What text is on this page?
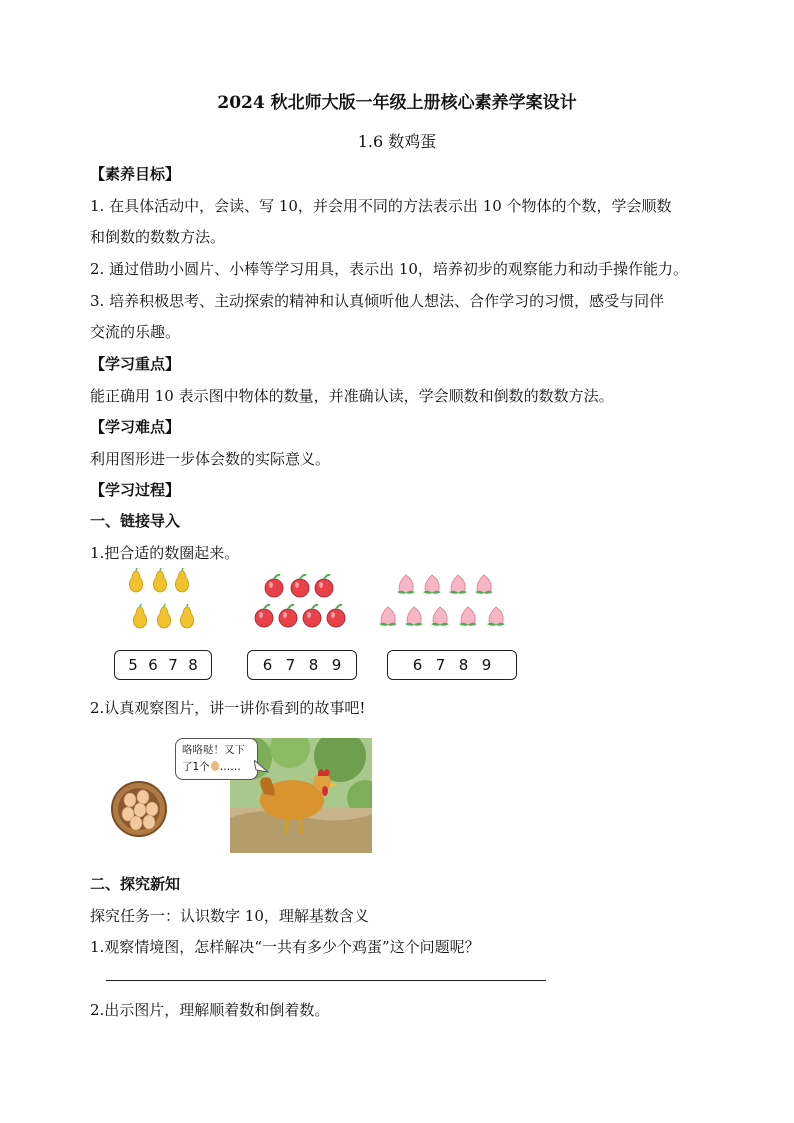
2024 秋北师大版一年级上册核心素养学案设计
1.6 数鸡蛋
【素养目标】
1. 在具体活动中，会读、写 10，并会用不同的方法表示出 10 个物体的个数，学会顺数
和倒数的数数方法。
2. 通过借助小圆片、小棒等学习用具，表示出 10，培养初步的观察能力和动手操作能力。
3. 培养积极思考、主动探索的精神和认真倾听他人想法、合作学习的习惯，感受与同伴
交流的乐趣。
【学习重点】
能正确用 10 表示图中物体的数量，并准确认读，学会顺数和倒数的数数方法。
【学习难点】
利用图形进一步体会数的实际意义。
【学习过程】
一、链接导入
1.把合适的数圈起来。
5 6 7 8	6 7 8 9	6 7 8 9
2.认真观察图片，讲一讲你看到的故事吧!
咯咯哒！又下
了1个 ……
二、探究新知
探究任务一：认识数字 10，理解基数含义
1.观察情境图，怎样解决“一共有多少个鸡蛋”这个问题呢？
2.出示图片，理解顺着数和倒着数。
